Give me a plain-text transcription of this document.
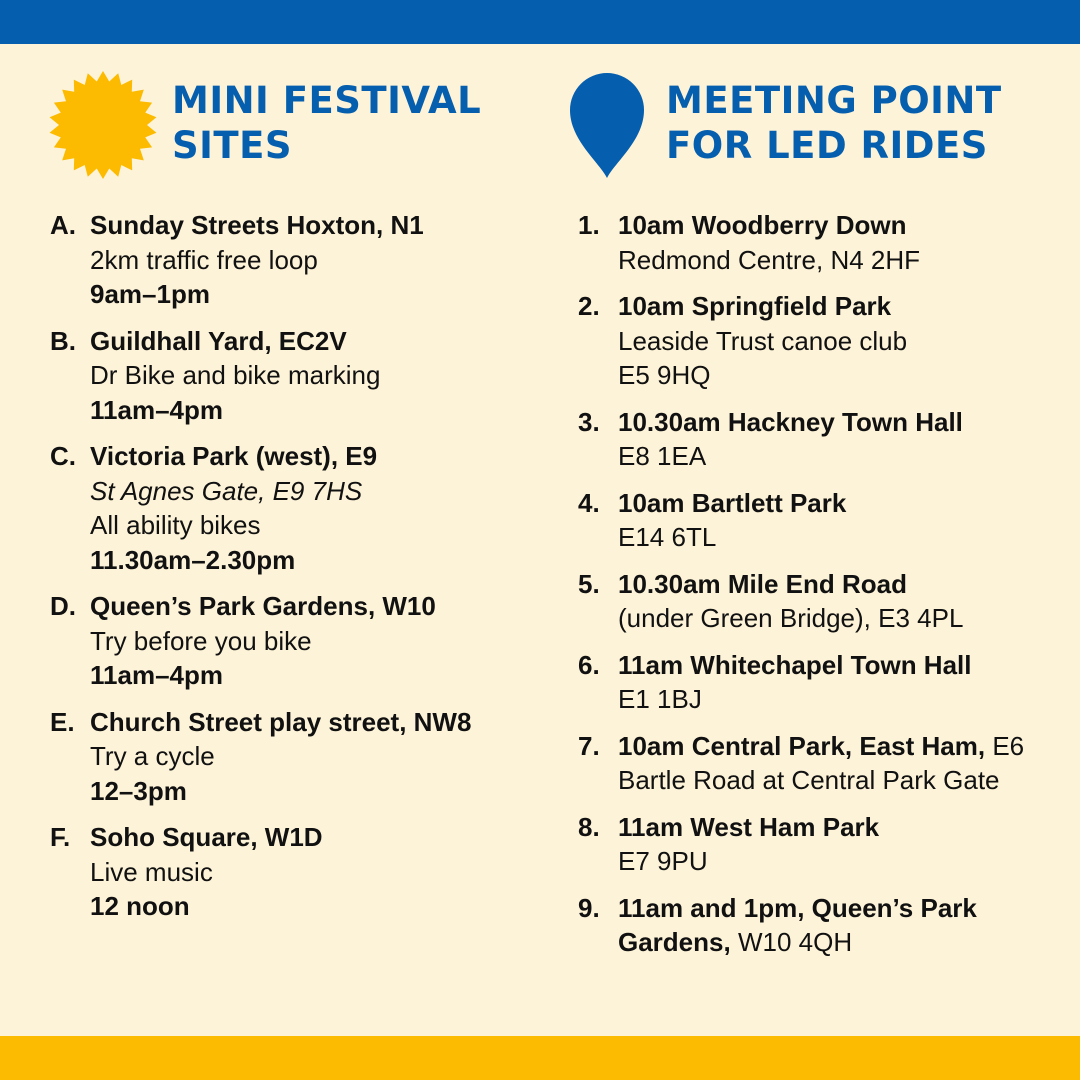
MINI FESTIVAL
SITES
A. Sunday Streets Hoxton, N1
2km traffic free loop
9am–1pm
B. Guildhall Yard, EC2V
Dr Bike and bike marking
11am–4pm
C. Victoria Park (west), E9
St Agnes Gate, E9 7HS
All ability bikes
11.30am–2.30pm
D. Queen’s Park Gardens, W10
Try before you bike
11am–4pm
E. Church Street play street, NW8
Try a cycle
12–3pm
F. Soho Square, W1D
Live music
12 noon
MEETING POINT
FOR LED RIDES
1. 10am Woodberry Down
Redmond Centre, N4 2HF
2. 10am Springfield Park
Leaside Trust canoe club
E5 9HQ
3. 10.30am Hackney Town Hall
E8 1EA
4. 10am Bartlett Park
E14 6TL
5. 10.30am Mile End Road
(under Green Bridge), E3 4PL
6. 11am Whitechapel Town Hall
E1 1BJ
7. 10am Central Park, East Ham, E6
Bartle Road at Central Park Gate
8. 11am West Ham Park
E7 9PU
9. 11am and 1pm, Queen’s Park
Gardens, W10 4QH
